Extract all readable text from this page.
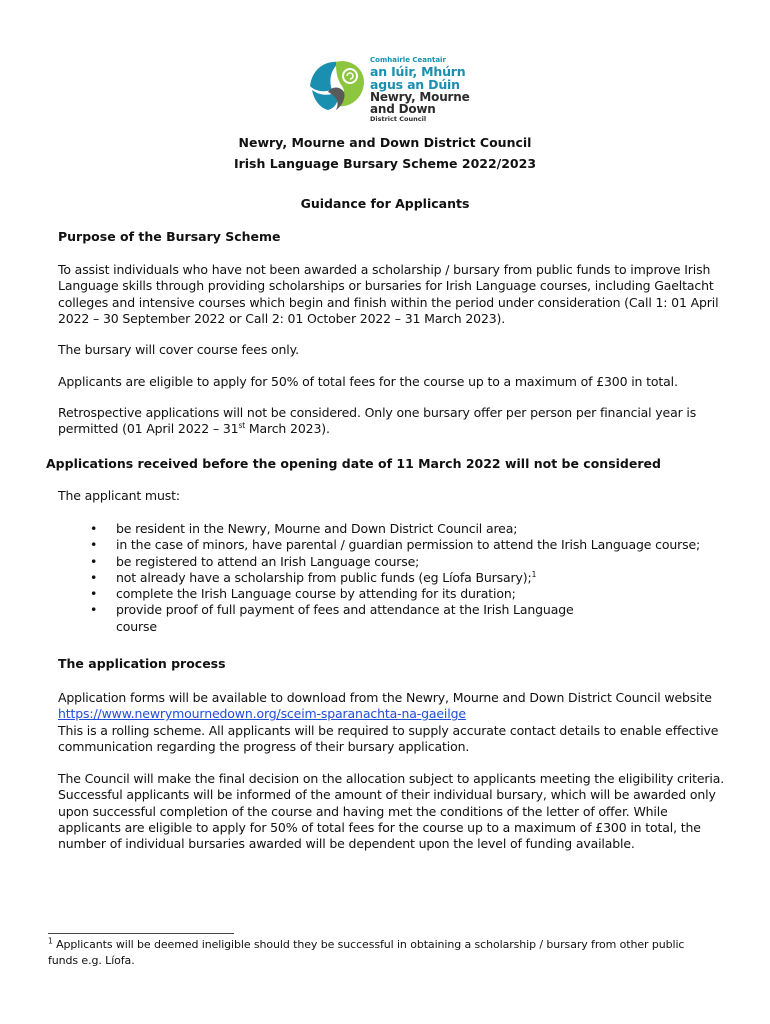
Comhairle Ceantair
an Iúir, Mhúrn
agus an Dúin
Newry, Mourne
and Down
District Council
Newry, Mourne and Down District Council
Irish Language Bursary Scheme 2022/2023
Guidance for Applicants
Purpose of the Bursary Scheme
To assist individuals who have not been awarded a scholarship / bursary from public funds to improve Irish
Language skills through providing scholarships or bursaries for Irish Language courses, including Gaeltacht
colleges and intensive courses which begin and finish within the period under consideration (Call 1: 01 April
2022 – 30 September 2022 or Call 2: 01 October 2022 – 31 March 2023).
The bursary will cover course fees only.
Applicants are eligible to apply for 50% of total fees for the course up to a maximum of £300 in total.
Retrospective applications will not be considered. Only one bursary offer per person per financial year is
permitted (01 April 2022 – 31st March 2023).
Applications received before the opening date of 11 March 2022 will not be considered
The applicant must:
• be resident in the Newry, Mourne and Down District Council area;
• in the case of minors, have parental / guardian permission to attend the Irish Language course;
• be registered to attend an Irish Language course;
• not already have a scholarship from public funds (eg Líofa Bursary);$^1$
• complete the Irish Language course by attending for its duration;
• provide proof of full payment of fees and attendance at the Irish Language
course
The application process
Application forms will be available to download from the Newry, Mourne and Down District Council website
https://www.newrymournedown.org/sceim-sparanachta-na-gaeilge
This is a rolling scheme. All applicants will be required to supply accurate contact details to enable effective
communication regarding the progress of their bursary application.
The Council will make the final decision on the allocation subject to applicants meeting the eligibility criteria.
Successful applicants will be informed of the amount of their individual bursary, which will be awarded only
upon successful completion of the course and having met the conditions of the letter of offer. While
applicants are eligible to apply for 50% of total fees for the course up to a maximum of £300 in total, the
number of individual bursaries awarded will be dependent upon the level of funding available.
$^1$ Applicants will be deemed ineligible should they be successful in obtaining a scholarship / bursary from other public
funds e.g. Líofa.
